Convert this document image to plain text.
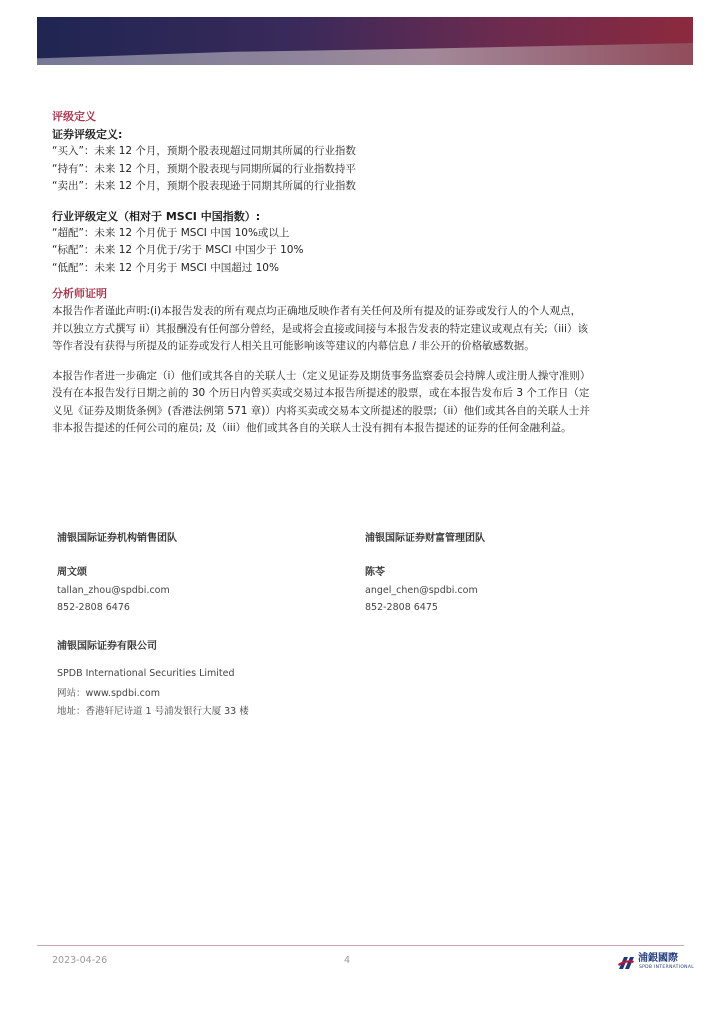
评级定义
证券评级定义:
“买入”：未来 12 个月，预期个股表现超过同期其所属的行业指数
“持有”：未来 12 个月，预期个股表现与同期所属的行业指数持平
“卖出”：未来 12 个月，预期个股表现逊于同期其所属的行业指数
行业评级定义（相对于 MSCI 中国指数）:
“超配”：未来 12 个月优于 MSCI 中国 10%或以上
“标配”：未来 12 个月优于/劣于 MSCI 中国少于 10%
“低配”：未来 12 个月劣于 MSCI 中国超过 10%
分析师证明
本报告作者谨此声明:(i)本报告发表的所有观点均正确地反映作者有关任何及所有提及的证券或发行人的个人观点，
并以独立方式撰写 ii）其报酬没有任何部分曾经，是或将会直接或间接与本报告发表的特定建议或观点有关;（iii）该
等作者没有获得与所提及的证券或发行人相关且可能影响该等建议的内幕信息 / 非公开的价格敏感数据。
本报告作者进一步确定（i）他们或其各自的关联人士（定义见证券及期货事务监察委员会持牌人或注册人操守准则）
没有在本报告发行日期之前的 30 个历日内曾买卖或交易过本报告所提述的股票，或在本报告发布后 3 个工作日（定
义见《证券及期货条例》(香港法例第 571 章)）内将买卖或交易本文所提述的股票;（ii）他们或其各自的关联人士并
非本报告提述的任何公司的雇员; 及（iii）他们或其各自的关联人士没有拥有本报告提述的证券的任何金融利益。
浦银国际证券机构销售团队
周文颂
tallan_zhou@spdbi.com
852-2808 6476
浦银国际证券财富管理团队
陈苓
angel_chen@spdbi.com
852-2808 6475
浦银国际证券有限公司
SPDB International Securities Limited
网站：www.spdbi.com
地址：香港轩尼诗道 1 号浦发银行大厦 33 楼
2023-04-26	4	浦銀國際
SPDB INTERNATIONAL
